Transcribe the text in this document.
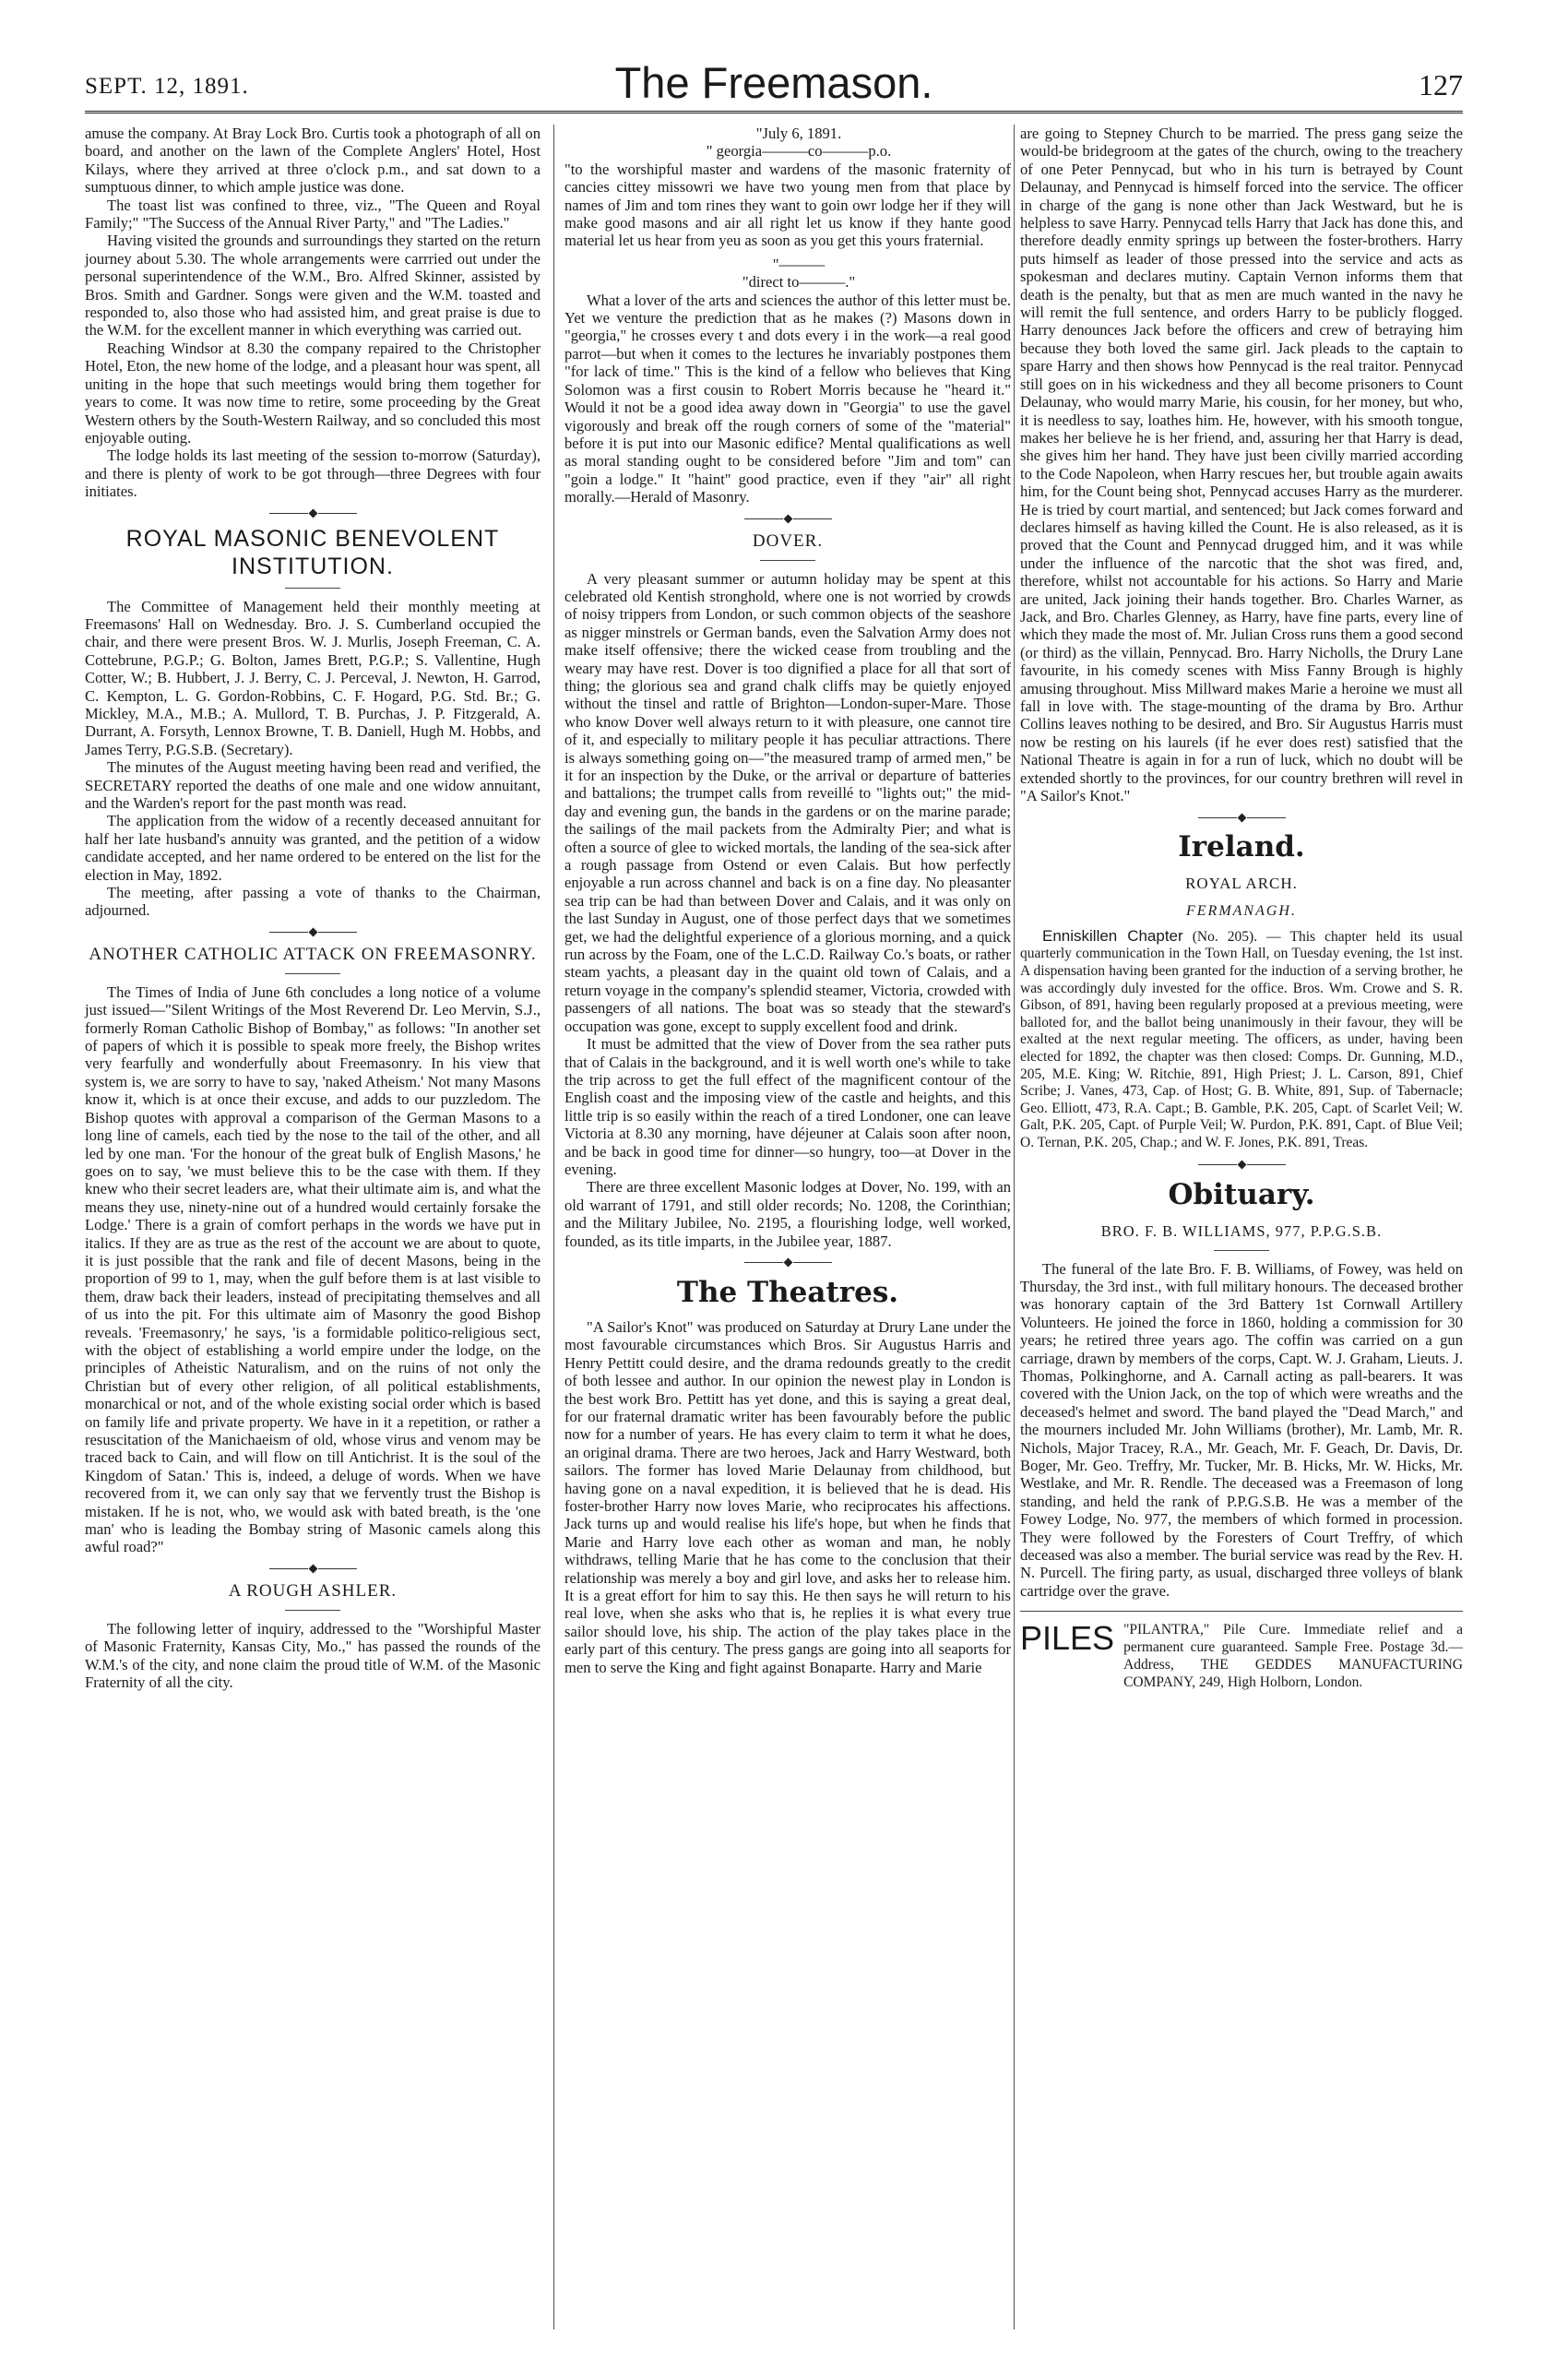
SEPT. 12, 1891.	The Freemason.	127

amuse the company. At Bray Lock Bro. Curtis took a photograph of all on board, and another on the lawn of the Complete Anglers' Hotel, Host Kilays, where they arrived at three o'clock p.m., and sat down to a sumptuous dinner, to which ample justice was done.

The toast list was confined to three, viz., "The Queen and Royal Family;" "The Success of the Annual River Party," and "The Ladies."

Having visited the grounds and surroundings they started on the return journey about 5.30. The whole arrangements were carrried out under the personal superintendence of the W.M., Bro. Alfred Skinner, assisted by Bros. Smith and Gardner. Songs were given and the W.M. toasted and responded to, also those who had assisted him, and great praise is due to the W.M. for the excellent manner in which everything was carried out.

Reaching Windsor at 8.30 the company repaired to the Christopher Hotel, Eton, the new home of the lodge, and a pleasant hour was spent, all uniting in the hope that such meetings would bring them together for years to come. It was now time to retire, some proceeding by the Great Western others by the South-Western Railway, and so concluded this most enjoyable outing.

The lodge holds its last meeting of the session to-morrow (Saturday), and there is plenty of work to be got through—three Degrees with four initiates.

ROYAL MASONIC BENEVOLENT INSTITUTION.

The Committee of Management held their monthly meeting at Freemasons' Hall on Wednesday. Bro. J. S. Cumberland occupied the chair, and there were present Bros. W. J. Murlis, Joseph Freeman, C. A. Cottebrune, P.G.P.; G. Bolton, James Brett, P.G.P.; S. Vallentine, Hugh Cotter, W.; B. Hubbert, J. J. Berry, C. J. Perceval, J. Newton, H. Garrod, C. Kempton, L. G. Gordon-Robbins, C. F. Hogard, P.G. Std. Br.; G. Mickley, M.A., M.B.; A. Mullord, T. B. Purchas, J. P. Fitzgerald, A. Durrant, A. Forsyth, Lennox Browne, T. B. Daniell, Hugh M. Hobbs, and James Terry, P.G.S.B. (Secretary).

The minutes of the August meeting having been read and verified, the SECRETARY reported the deaths of one male and one widow annuitant, and the Warden's report for the past month was read.

The application from the widow of a recently deceased annuitant for half her late husband's annuity was granted, and the petition of a widow candidate accepted, and her name ordered to be entered on the list for the election in May, 1892.

The meeting, after passing a vote of thanks to the Chairman, adjourned.

ANOTHER CATHOLIC ATTACK ON FREEMASONRY.

The Times of India of June 6th concludes a long notice of a volume just issued—"Silent Writings of the Most Reverend Dr. Leo Mervin, S.J., formerly Roman Catholic Bishop of Bombay," as follows: "In another set of papers of which it is possible to speak more freely, the Bishop writes very fearfully and wonderfully about Freemasonry. In his view that system is, we are sorry to have to say, 'naked Atheism.' Not many Masons know it, which is at once their excuse, and adds to our puzzledom. The Bishop quotes with approval a comparison of the German Masons to a long line of camels, each tied by the nose to the tail of the other, and all led by one man. 'For the honour of the great bulk of English Masons,' he goes on to say, 'we must believe this to be the case with them. If they knew who their secret leaders are, what their ultimate aim is, and what the means they use, ninety-nine out of a hundred would certainly forsake the Lodge.' There is a grain of comfort perhaps in the words we have put in italics. If they are as true as the rest of the account we are about to quote, it is just possible that the rank and file of decent Masons, being in the proportion of 99 to 1, may, when the gulf before them is at last visible to them, draw back their leaders, instead of precipitating themselves and all of us into the pit. For this ultimate aim of Masonry the good Bishop reveals. 'Freemasonry,' he says, 'is a formidable politico-religious sect, with the object of establishing a world empire under the lodge, on the principles of Atheistic Naturalism, and on the ruins of not only the Christian but of every other religion, of all political establishments, monarchical or not, and of the whole existing social order which is based on family life and private property. We have in it a repetition, or rather a resuscitation of the Manichaeism of old, whose virus and venom may be traced back to Cain, and will flow on till Antichrist. It is the soul of the Kingdom of Satan.' This is, indeed, a deluge of words. When we have recovered from it, we can only say that we fervently trust the Bishop is mistaken. If he is not, who, we would ask with bated breath, is the 'one man' who is leading the Bombay string of Masonic camels along this awful road?"

A ROUGH ASHLER.

The following letter of inquiry, addressed to the "Worshipful Master of Masonic Fraternity, Kansas City, Mo.," has passed the rounds of the W.M.'s of the city, and none claim the proud title of W.M. of the Masonic Fraternity of all the city.

"July 6, 1891.

" georgia———co———p.o.

"to the worshipful master and wardens of the masonic fraternity of cancies cittey missowri we have two young men from that place by names of Jim and tom rines they want to goin owr lodge her if they will make good masons and air all right let us know if they hante good material let us hear from yeu as soon as you get this yours fraternial.

"———

"direct to———."

What a lover of the arts and sciences the author of this letter must be. Yet we venture the prediction that as he makes (?) Masons down in "georgia," he crosses every t and dots every i in the work—a real good parrot—but when it comes to the lectures he invariably postpones them "for lack of time." This is the kind of a fellow who believes that King Solomon was a first cousin to Robert Morris because he "heard it." Would it not be a good idea away down in "Georgia" to use the gavel vigorously and break off the rough corners of some of the "material" before it is put into our Masonic edifice? Mental qualifications as well as moral standing ought to be considered before "Jim and tom" can "goin a lodge." It "haint" good practice, even if they "air" all right morally.—Herald of Masonry.

DOVER.

A very pleasant summer or autumn holiday may be spent at this celebrated old Kentish stronghold, where one is not worried by crowds of noisy trippers from London, or such common objects of the seashore as nigger minstrels or German bands, even the Salvation Army does not make itself offensive; there the wicked cease from troubling and the weary may have rest. Dover is too dignified a place for all that sort of thing; the glorious sea and grand chalk cliffs may be quietly enjoyed without the tinsel and rattle of Brighton—London-super-Mare. Those who know Dover well always return to it with pleasure, one cannot tire of it, and especially to military people it has peculiar attractions. There is always something going on—"the measured tramp of armed men," be it for an inspection by the Duke, or the arrival or departure of batteries and battalions; the trumpet calls from reveillé to "lights out;" the mid-day and evening gun, the bands in the gardens or on the marine parade; the sailings of the mail packets from the Admiralty Pier; and what is often a source of glee to wicked mortals, the landing of the sea-sick after a rough passage from Ostend or even Calais. But how perfectly enjoyable a run across channel and back is on a fine day. No pleasanter sea trip can be had than between Dover and Calais, and it was only on the last Sunday in August, one of those perfect days that we sometimes get, we had the delightful experience of a glorious morning, and a quick run across by the Foam, one of the L.C.D. Railway Co.'s boats, or rather steam yachts, a pleasant day in the quaint old town of Calais, and a return voyage in the company's splendid steamer, Victoria, crowded with passengers of all nations. The boat was so steady that the steward's occupation was gone, except to supply excellent food and drink.

It must be admitted that the view of Dover from the sea rather puts that of Calais in the background, and it is well worth one's while to take the trip across to get the full effect of the magnificent contour of the English coast and the imposing view of the castle and heights, and this little trip is so easily within the reach of a tired Londoner, one can leave Victoria at 8.30 any morning, have déjeuner at Calais soon after noon, and be back in good time for dinner—so hungry, too—at Dover in the evening.

There are three excellent Masonic lodges at Dover, No. 199, with an old warrant of 1791, and still older records; No. 1208, the Corinthian; and the Military Jubilee, No. 2195, a flourishing lodge, well worked, founded, as its title imparts, in the Jubilee year, 1887.

The Theatres.

"A Sailor's Knot" was produced on Saturday at Drury Lane under the most favourable circumstances which Bros. Sir Augustus Harris and Henry Pettitt could desire, and the drama redounds greatly to the credit of both lessee and author. In our opinion the newest play in London is the best work Bro. Pettitt has yet done, and this is saying a great deal, for our fraternal dramatic writer has been favourably before the public now for a number of years. He has every claim to term it what he does, an original drama. There are two heroes, Jack and Harry Westward, both sailors. The former has loved Marie Delaunay from childhood, but having gone on a naval expedition, it is believed that he is dead. His foster-brother Harry now loves Marie, who reciprocates his affections. Jack turns up and would realise his life's hope, but when he finds that Marie and Harry love each other as woman and man, he nobly withdraws, telling Marie that he has come to the conclusion that their relationship was merely a boy and girl love, and asks her to release him. It is a great effort for him to say this. He then says he will return to his real love, when she asks who that is, he replies it is what every true sailor should love, his ship. The action of the play takes place in the early part of this century. The press gangs are going into all seaports for men to serve the King and fight against Bonaparte. Harry and Marie

are going to Stepney Church to be married. The press gang seize the would-be bridegroom at the gates of the church, owing to the treachery of one Peter Pennycad, but who in his turn is betrayed by Count Delaunay, and Pennycad is himself forced into the service. The officer in charge of the gang is none other than Jack Westward, but he is helpless to save Harry. Pennycad tells Harry that Jack has done this, and therefore deadly enmity springs up between the foster-brothers. Harry puts himself as leader of those pressed into the service and acts as spokesman and declares mutiny. Captain Vernon informs them that death is the penalty, but that as men are much wanted in the navy he will remit the full sentence, and orders Harry to be publicly flogged. Harry denounces Jack before the officers and crew of betraying him because they both loved the same girl. Jack pleads to the captain to spare Harry and then shows how Pennycad is the real traitor. Pennycad still goes on in his wickedness and they all become prisoners to Count Delaunay, who would marry Marie, his cousin, for her money, but who, it is needless to say, loathes him. He, however, with his smooth tongue, makes her believe he is her friend, and, assuring her that Harry is dead, she gives him her hand. They have just been civilly married according to the Code Napoleon, when Harry rescues her, but trouble again awaits him, for the Count being shot, Pennycad accuses Harry as the murderer. He is tried by court martial, and sentenced; but Jack comes forward and declares himself as having killed the Count. He is also released, as it is proved that the Count and Pennycad drugged him, and it was while under the influence of the narcotic that the shot was fired, and, therefore, whilst not accountable for his actions. So Harry and Marie are united, Jack joining their hands together. Bro. Charles Warner, as Jack, and Bro. Charles Glenney, as Harry, have fine parts, every line of which they made the most of. Mr. Julian Cross runs them a good second (or third) as the villain, Pennycad. Bro. Harry Nicholls, the Drury Lane favourite, in his comedy scenes with Miss Fanny Brough is highly amusing throughout. Miss Millward makes Marie a heroine we must all fall in love with. The stage-mounting of the drama by Bro. Arthur Collins leaves nothing to be desired, and Bro. Sir Augustus Harris must now be resting on his laurels (if he ever does rest) satisfied that the National Theatre is again in for a run of luck, which no doubt will be extended shortly to the provinces, for our country brethren will revel in "A Sailor's Knot."

Ireland.
ROYAL ARCH.
FERMANAGH.

Enniskillen Chapter (No. 205). — This chapter held its usual quarterly communication in the Town Hall, on Tuesday evening, the 1st inst. A dispensation having been granted for the induction of a serving brother, he was accordingly duly invested for the office. Bros. Wm. Crowe and S. R. Gibson, of 891, having been regularly proposed at a previous meeting, were balloted for, and the ballot being unanimously in their favour, they will be exalted at the next regular meeting. The officers, as under, having been elected for 1892, the chapter was then closed: Comps. Dr. Gunning, M.D., 205, M.E. King; W. Ritchie, 891, High Priest; J. L. Carson, 891, Chief Scribe; J. Vanes, 473, Cap. of Host; G. B. White, 891, Sup. of Tabernacle; Geo. Elliott, 473, R.A. Capt.; B. Gamble, P.K. 205, Capt. of Scarlet Veil; W. Galt, P.K. 205, Capt. of Purple Veil; W. Purdon, P.K. 891, Capt. of Blue Veil; O. Ternan, P.K. 205, Chap.; and W. F. Jones, P.K. 891, Treas.

Obituary.
BRO. F. B. WILLIAMS, 977, P.P.G.S.B.

The funeral of the late Bro. F. B. Williams, of Fowey, was held on Thursday, the 3rd inst., with full military honours. The deceased brother was honorary captain of the 3rd Battery 1st Cornwall Artillery Volunteers. He joined the force in 1860, holding a commission for 30 years; he retired three years ago. The coffin was carried on a gun carriage, drawn by members of the corps, Capt. W. J. Graham, Lieuts. J. Thomas, Polkinghorne, and A. Carnall acting as pall-bearers. It was covered with the Union Jack, on the top of which were wreaths and the deceased's helmet and sword. The band played the "Dead March," and the mourners included Mr. John Williams (brother), Mr. Lamb, Mr. R. Nichols, Major Tracey, R.A., Mr. Geach, Mr. F. Geach, Dr. Davis, Dr. Boger, Mr. Geo. Treffry, Mr. Tucker, Mr. B. Hicks, Mr. W. Hicks, Mr. Westlake, and Mr. R. Rendle. The deceased was a Freemason of long standing, and held the rank of P.P.G.S.B. He was a member of the Fowey Lodge, No. 977, the members of which formed in procession. They were followed by the Foresters of Court Treffry, of which deceased was also a member. The burial service was read by the Rev. H. N. Purcell. The firing party, as usual, discharged three volleys of blank cartridge over the grave.

PILES "PILANTRA," Pile Cure. Immediate relief and a permanent cure guaranteed. Sample Free. Postage 3d.—Address, THE GEDDES MANUFACTURING COMPANY, 249, High Holborn, London.
